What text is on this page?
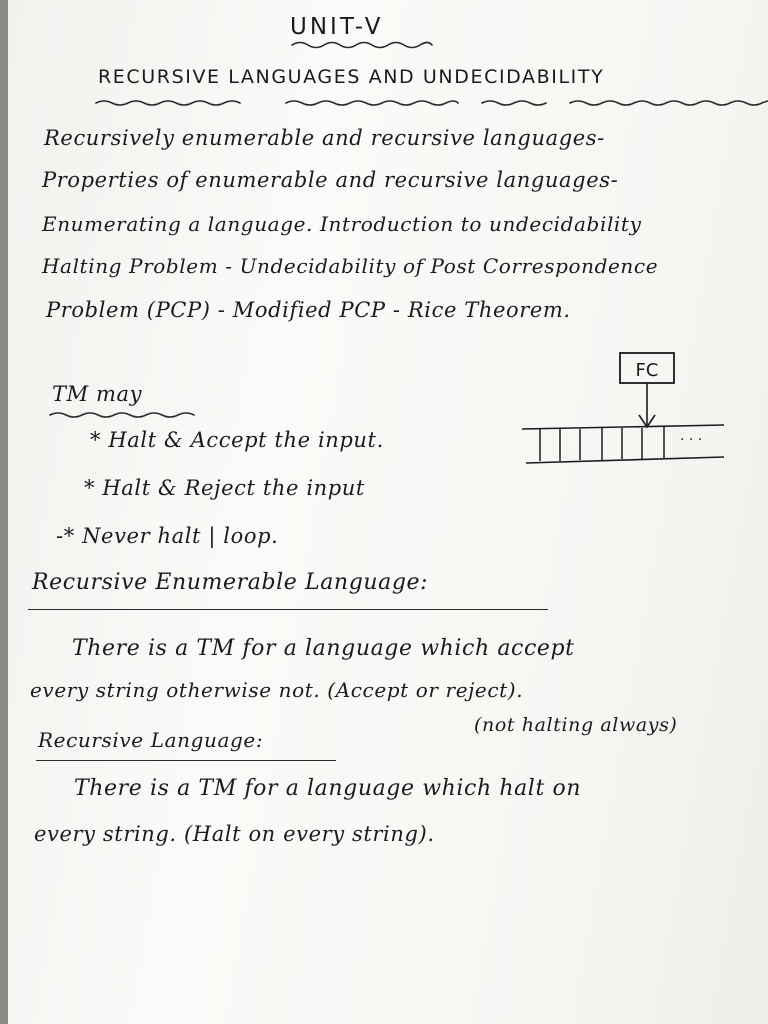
UNIT-V
RECURSIVE LANGUAGES AND UNDECIDABILITY
Recursively enumerable and recursive languages-
Properties of enumerable and recursive languages-
Enumerating a language. Introduction to undecidability
Halting Problem - Undecidability of Post Correspondence
Problem (PCP) - Modified PCP - Rice Theorem.
TM may
* Halt & Accept the input.
* Halt & Reject the input
-* Never halt | loop.
FC
. . .
Recursive Enumerable Language:
There is a TM for a language which accept
every string otherwise not. (Accept or reject).
(not halting always)
Recursive Language:
There is a TM for a language which halt on
every string. (Halt on every string).
